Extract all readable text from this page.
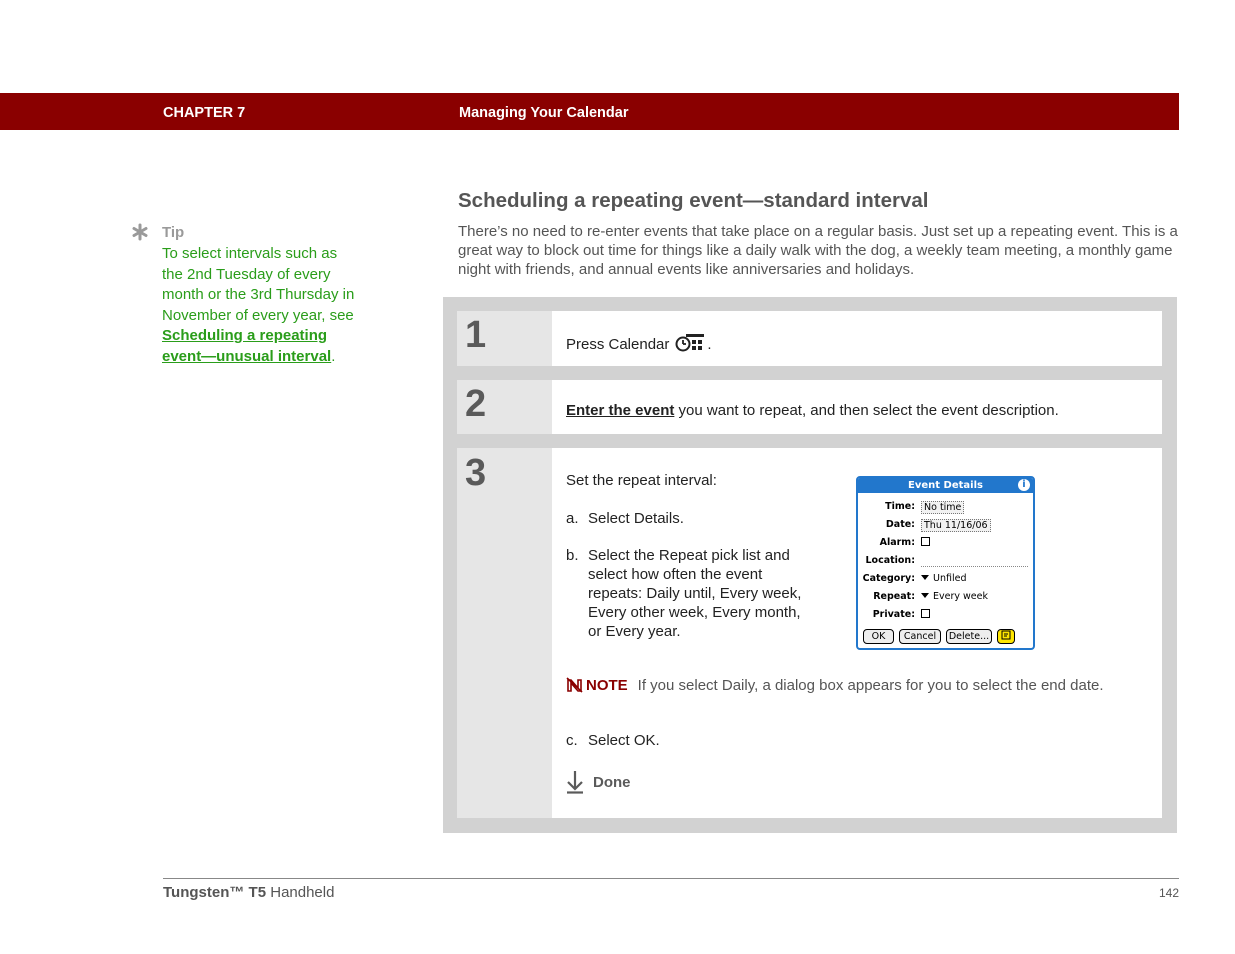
CHAPTER 7	Managing Your Calendar
Tip
To select intervals such as the 2nd Tuesday of every month or the 3rd Thursday in November of every year, see Scheduling a repeating event—unusual interval.
Scheduling a repeating event—standard interval

There’s no need to re-enter events that take place on a regular basis. Just set up a repeating event. This is a great way to block out time for things like a daily walk with the dog, a weekly team meeting, a monthly game night with friends, and annual events like anniversaries and holidays.

1	Press Calendar	.
2	Enter the event you want to repeat, and then select the event description.
3	Set the repeat interval:
a. Select Details.
b. Select the Repeat pick list and
select how often the event
repeats: Daily until, Every week,
Every other week, Every month,
or Every year.
Event Details	i
Time: No time
Date: Thu 11/16/06
Alarm:
Location:
Category:	Unfiled
Repeat:	Every week
Private:
OK	Cancel	Delete...
NOTE If you select Daily, a dialog box appears for you to select the end date.
c. Select OK.
Done
Tungsten™ T5 Handheld	142
